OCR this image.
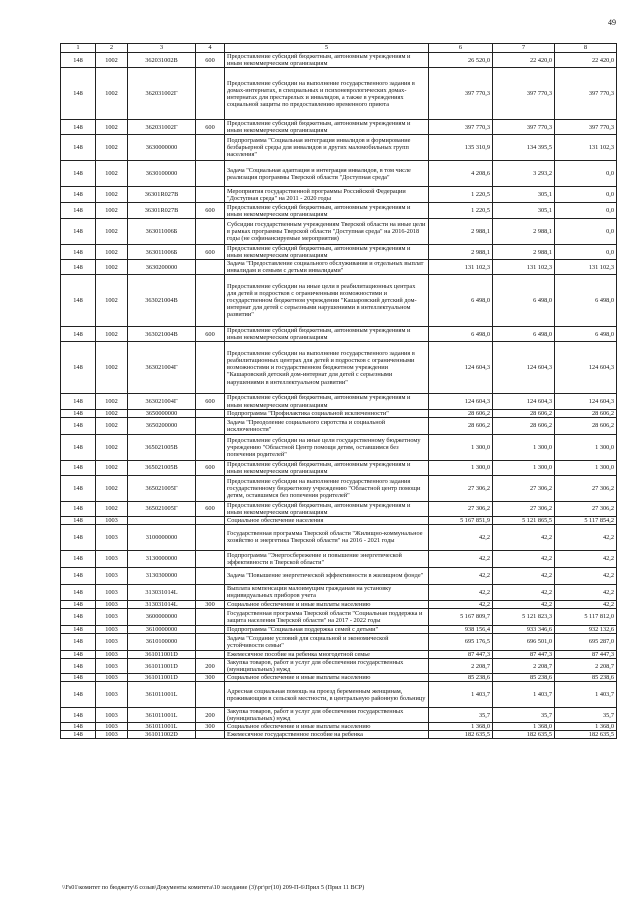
49
1	2	3	4	5	6	7	8
148	1002	362031002В	600	Предоставление субсидий бюджетным, автономным учреждениям и иным некоммерческим организациям	26 520,0	22 420,0	22 420,0
148	1002	362031002Г		Предоставление субсидии на выполнение государственного задания в домах-интернатах, в специальных и психоневрологических домах-интернатах для престарелых и инвалидов, а также в учреждениях социальной защиты по предоставлению временного приюта	397 770,3	397 770,3	397 770,3
148	1002	362031002Г	600	Предоставление субсидий бюджетным, автономным учреждениям и иным некоммерческим организациям	397 770,3	397 770,3	397 770,3
148	1002	3630000000		Подпрограмма "Социальная интеграция инвалидов и формирование безбарьерной среды для инвалидов и других маломобильных групп населения"	135 310,9	134 395,5	131 102,3
148	1002	3630100000		Задача "Социальная адаптация и интеграция инвалидов, в том числе реализация программы Тверской области "Доступная среда"	4 208,6	3 293,2	0,0
148	1002	36301R027В		Мероприятия государственной программы Российской Федерации "Доступная среда" на 2011 - 2020 годы	1 220,5	305,1	0,0
148	1002	36301R027В	600	Предоставление субсидий бюджетным, автономным учреждениям и иным некоммерческим организациям	1 220,5	305,1	0,0
148	1002	363011006Б		Субсидии государственным учреждениям Тверской области на иные цели в рамках программы Тверской области "Доступная среда" на 2016-2018 годы (не софинансируемые мероприятия)	2 988,1	2 988,1	0,0
148	1002	363011006Б	600	Предоставление субсидий бюджетным, автономным учреждениям и иным некоммерческим организациям	2 988,1	2 988,1	0,0
148	1002	3630200000		Задача "Предоставление социального обслуживания и отдельных выплат инвалидам и семьям с детьми инвалидами"	131 102,3	131 102,3	131 102,3
148	1002	363021004В		Предоставление субсидии на иные цели в реабилитационных центрах для детей и подростков с ограниченными возможностями и государственном бюджетном учреждении "Кашаровский детский дом-интернат для детей с серьезными нарушениями в интеллектуальном развитии"	6 498,0	6 498,0	6 498,0
148	1002	363021004В	600	Предоставление субсидий бюджетным, автономным учреждениям и иным некоммерческим организациям	6 498,0	6 498,0	6 498,0
148	1002	363021004Г		Предоставление субсидии на выполнение государственного задания в реабилитационных центрах для детей и подростков с ограниченными возможностями и государственном бюджетном учреждении "Кашаровский детский дом-интернат для детей с серьезными нарушениями в интеллектуальном развитии"	124 604,3	124 604,3	124 604,3
148	1002	363021004Г	600	Предоставление субсидий бюджетным, автономным учреждениям и иным некоммерческим организациям	124 604,3	124 604,3	124 604,3
148	1002	3650000000		Подпрограмма "Профилактика социальной исключенности"	28 606,2	28 606,2	28 606,2
148	1002	3650200000		Задача "Преодоление социального сиротства и социальной исключенности"	28 606,2	28 606,2	28 606,2
148	1002	365021005В		Предоставление субсидии на иные цели государственному бюджетному учреждению "Областной Центр помощи детям, оставшимся без попечения родителей"	1 300,0	1 300,0	1 300,0
148	1002	365021005В	600	Предоставление субсидий бюджетным, автономным учреждениям и иным некоммерческим организациям	1 300,0	1 300,0	1 300,0
148	1002	365021005Г		Предоставление субсидии на выполнение государственного задания государственному бюджетному учреждению "Областной центр помощи детям, оставшимся без попечения родителей"	27 306,2	27 306,2	27 306,2
148	1002	365021005Г	600	Предоставление субсидий бюджетным, автономным учреждениям и иным некоммерческим организациям	27 306,2	27 306,2	27 306,2
148	1003			Социальное обеспечение населения	5 167 851,9	5 121 865,5	5 117 854,2
148	1003	3100000000		Государственная программа Тверской области "Жилищно-коммунальное хозяйство и энергетика Тверской области" на 2016 - 2021 годы	42,2	42,2	42,2
148	1003	3130000000		Подпрограмма "Энергосбережение и повышение энергетической эффективности в Тверской области"	42,2	42,2	42,2
148	1003	3130300000		Задача "Повышение энергетической эффективности в жилищном фонде"	42,2	42,2	42,2
148	1003	313031014L		Выплата компенсации малоимущим гражданам на установку индивидуальных приборов учета	42,2	42,2	42,2
148	1003	313031014L	300	Социальное обеспечение и иные выплаты населению	42,2	42,2	42,2
148	1003	3600000000		Государственная программа Тверской области "Социальная поддержка и защита населения Тверской области" на 2017 - 2022 годы	5 167 809,7	5 121 823,3	5 117 812,0
148	1003	3610000000		Подпрограмма "Социальная поддержка семей с детьми"	938 156,4	933 346,6	932 132,6
148	1003	3610100000		Задача "Создание условий для социальной и экономической устойчивости семьи"	695 176,5	696 501,0	695 287,0
148	1003	361011001D		Ежемесячное пособие на ребенка многодетной семье	87 447,3	87 447,3	87 447,3
148	1003	361011001D	200	Закупка товаров, работ и услуг для обеспечения государственных (муниципальных) нужд	2 208,7	2 208,7	2 208,7
148	1003	361011001D	300	Социальное обеспечение и иные выплаты населению	85 238,6	85 238,6	85 238,6
148	1003	361011001L		Адресная социальная помощь на проезд беременным женщинам, проживающим в сельской местности, в центральную районную больницу	1 403,7	1 403,7	1 403,7
148	1003	361011001L	200	Закупка товаров, работ и услуг для обеспечения государственных (муниципальных) нужд	35,7	35,7	35,7
148	1003	361011001L	300	Социальное обеспечение и иные выплаты населению	1 368,0	1 368,0	1 368,0
148	1003	361011002D		Ежемесячное государственное пособие на ребенка	182 635,5	182 635,5	182 635,5
\\Fs01\комитет по бюджету\6 созыв\Документы комитета\10 заседание (3)\рг\рг(10) 209-П-6\Прил 5 (Прил 11 ВСР)
